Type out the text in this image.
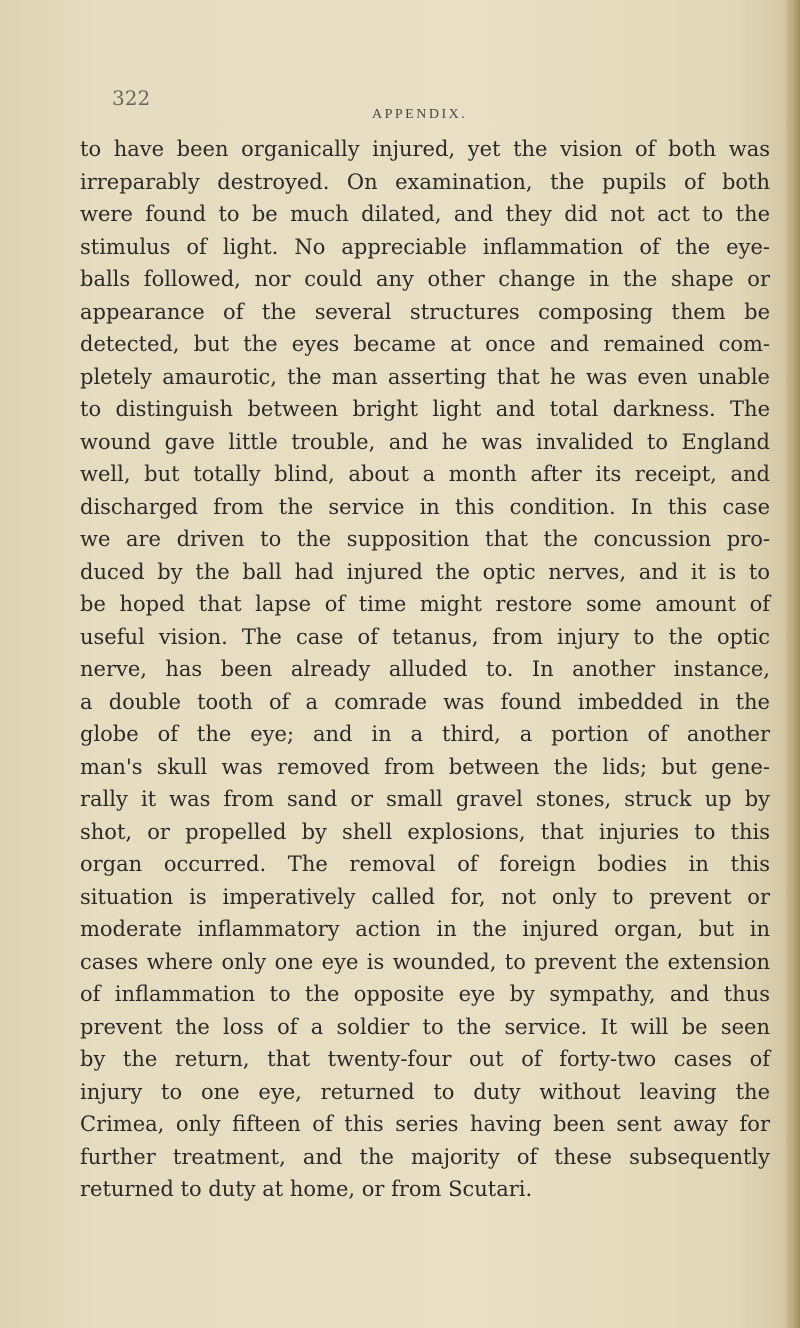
322
APPENDIX.
to have been organically injured, yet the vision of both was
irreparably destroyed. On examination, the pupils of both
were found to be much dilated, and they did not act to the
stimulus of light. No appreciable inflammation of the eye-
balls followed, nor could any other change in the shape or
appearance of the several structures composing them be
detected, but the eyes became at once and remained com-
pletely amaurotic, the man asserting that he was even unable
to distinguish between bright light and total darkness. The
wound gave little trouble, and he was invalided to England
well, but totally blind, about a month after its receipt, and
discharged from the service in this condition. In this case
we are driven to the supposition that the concussion pro-
duced by the ball had injured the optic nerves, and it is to
be hoped that lapse of time might restore some amount of
useful vision. The case of tetanus, from injury to the optic
nerve, has been already alluded to. In another instance,
a double tooth of a comrade was found imbedded in the
globe of the eye; and in a third, a portion of another
man's skull was removed from between the lids; but gene-
rally it was from sand or small gravel stones, struck up by
shot, or propelled by shell explosions, that injuries to this
organ occurred. The removal of foreign bodies in this
situation is imperatively called for, not only to prevent or
moderate inflammatory action in the injured organ, but in
cases where only one eye is wounded, to prevent the extension
of inflammation to the opposite eye by sympathy, and thus
prevent the loss of a soldier to the service. It will be seen
by the return, that twenty-four out of forty-two cases of
injury to one eye, returned to duty without leaving the
Crimea, only fifteen of this series having been sent away for
further treatment, and the majority of these subsequently
returned to duty at home, or from Scutari.
